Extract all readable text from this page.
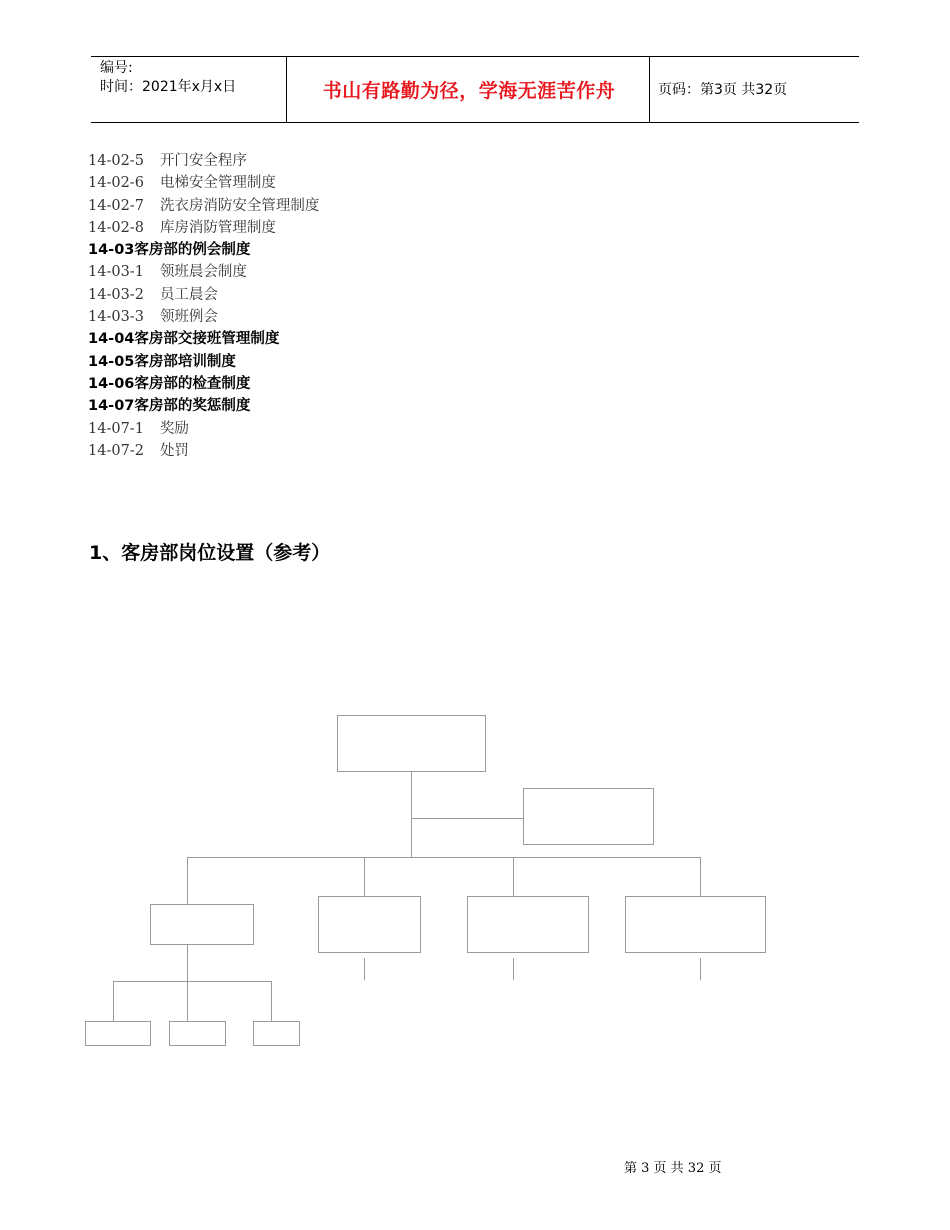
编号:
时间：2021年x月x日	书山有路勤为径，学海无涯苦作舟	页码：第3页 共32页
14-02-5 开门安全程序
14-02-6 电梯安全管理制度
14-02-7 洗衣房消防安全管理制度
14-02-8 库房消防管理制度
14-03客房部的例会制度
14-03-1 领班晨会制度
14-03-2 员工晨会
14-03-3 领班例会
14-04客房部交接班管理制度
14-05客房部培训制度
14-06客房部的检查制度
14-07客房部的奖惩制度
14-07-1 奖励
14-07-2 处罚
1、客房部岗位设置（参考）
第 3 页 共 32 页
